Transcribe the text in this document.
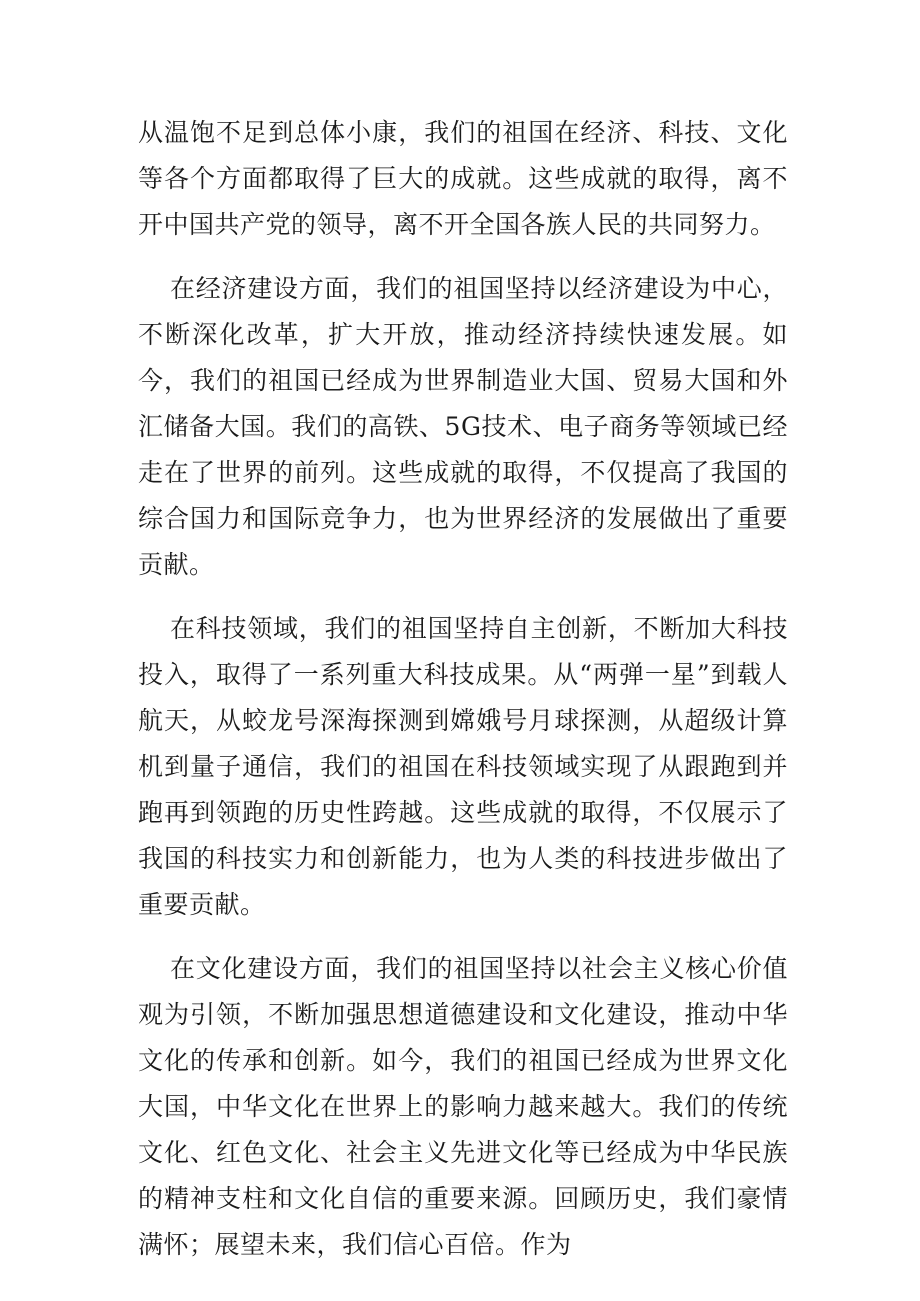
从温饱不足到总体小康，我们的祖国在经济、科技、文化等各个方面都取得了巨大的成就。这些成就的取得，离不开中国共产党的领导，离不开全国各族人民的共同努力。

在经济建设方面，我们的祖国坚持以经济建设为中心，不断深化改革，扩大开放，推动经济持续快速发展。如今，我们的祖国已经成为世界制造业大国、贸易大国和外汇储备大国。我们的高铁、5G技术、电子商务等领域已经走在了世界的前列。这些成就的取得，不仅提高了我国的综合国力和国际竞争力，也为世界经济的发展做出了重要贡献。

在科技领域，我们的祖国坚持自主创新，不断加大科技投入，取得了一系列重大科技成果。从“两弹一星”到载人航天，从蛟龙号深海探测到嫦娥号月球探测，从超级计算机到量子通信，我们的祖国在科技领域实现了从跟跑到并跑再到领跑的历史性跨越。这些成就的取得，不仅展示了我国的科技实力和创新能力，也为人类的科技进步做出了重要贡献。

在文化建设方面，我们的祖国坚持以社会主义核心价值观为引领，不断加强思想道德建设和文化建设，推动中华文化的传承和创新。如今，我们的祖国已经成为世界文化大国，中华文化在世界上的影响力越来越大。我们的传统文化、红色文化、社会主义先进文化等已经成为中华民族的精神支柱和文化自信的重要来源。回顾历史，我们豪情满怀；展望未来，我们信心百倍。作为
